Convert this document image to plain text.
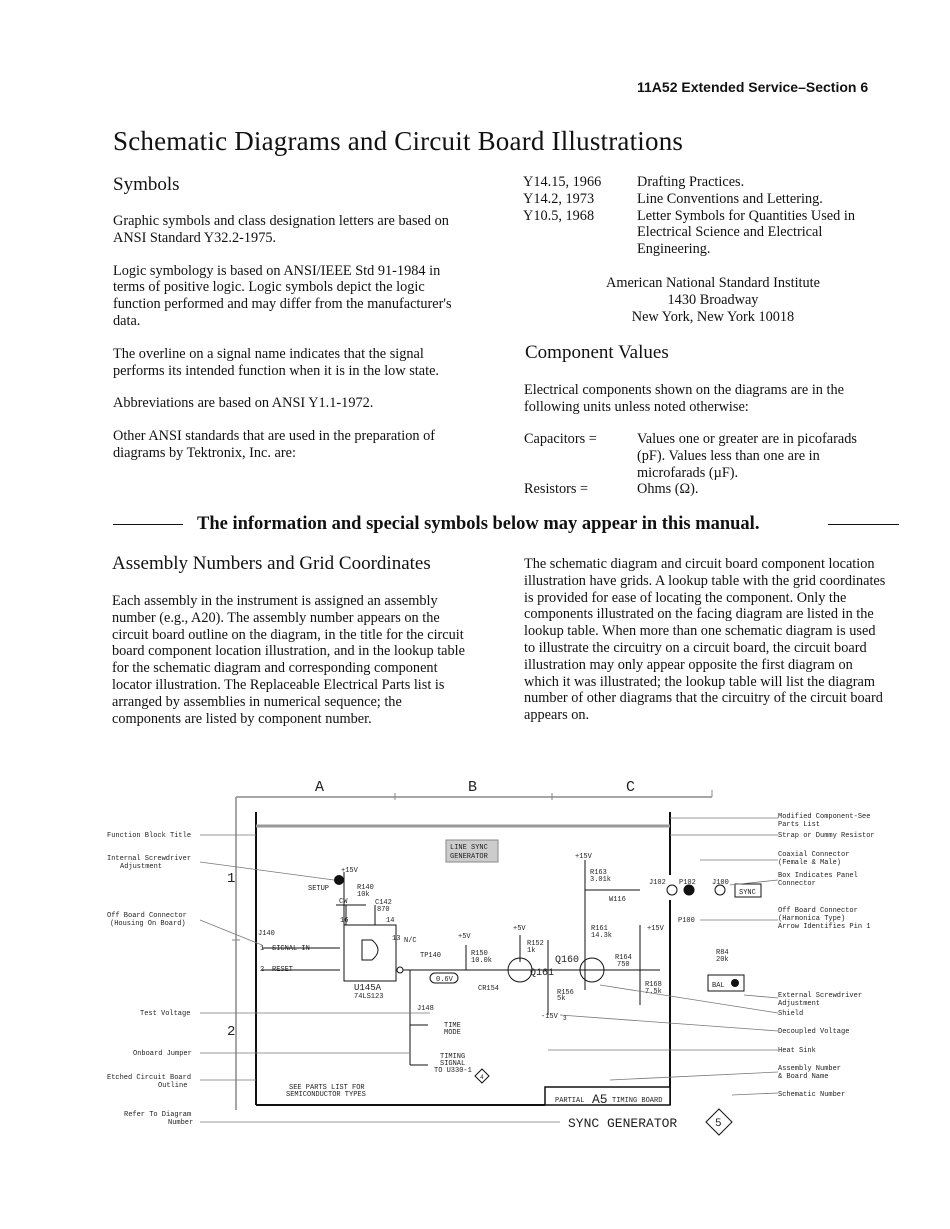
11A52 Extended Service–Section 6
Schematic Diagrams and Circuit Board Illustrations
Symbols

Graphic symbols and class designation letters are based on ANSI Standard Y32.2-1975.

Logic symbology is based on ANSI/IEEE Std 91-1984 in terms of positive logic. Logic symbols depict the logic function performed and may differ from the manufacturer's data.

The overline on a signal name indicates that the signal performs its intended function when it is in the low state.

Abbreviations are based on ANSI Y1.1-1972.

Other ANSI standards that are used in the preparation of diagrams by Tektronix, Inc. are:

Y14.15, 1966	Drafting Practices.
Y14.2, 1973	Line Conventions and Lettering.
Y10.5, 1968	Letter Symbols for Quantities Used in Electrical Science and Electrical Engineering.
American National Standard Institute
1430 Broadway
New York, New York 10018
Component Values
Electrical components shown on the diagrams are in the following units unless noted otherwise:
Capacitors =	Values one or greater are in picofarads (pF). Values less than one are in microfarads (µF).
Resistors =	Ohms (Ω).
The information and special symbols below may appear in this manual.
Assembly Numbers and Grid Coordinates
Each assembly in the instrument is assigned an assembly number (e.g., A20). The assembly number appears on the circuit board outline on the diagram, in the title for the circuit board component location illustration, and in the lookup table for the schematic diagram and corresponding component locator illustration. The Replaceable Electrical Parts list is arranged by assemblies in numerical sequence; the components are listed by component number.
The schematic diagram and circuit board component location illustration have grids. A lookup table with the grid coordinates is provided for ease of locating the component. Only the components illustrated on the facing diagram are listed in the lookup table. When more than one schematic diagram is used to illustrate the circuitry on a circuit board, the circuit board illustration may only appear opposite the first diagram on which it was illustrated; the lookup table will list the diagram number of other diagrams that the circuitry of the circuit board appears on.
A	B	C
1
2
LINE SYNC
GENERATOR
Function Block Title
Internal Screwdriver
Adjustment
Off Board Connector
(Housing On Board)
Test Voltage
Onboard Jumper
Etched Circuit Board
Outline
Refer To Diagram
Number
Modified Component-See
Parts List
Strap or Dummy Resistor
Coaxial Connector
(Female & Male)
Box Indicates Panel
Connector
Off Board Connector
(Harmonica Type)
Arrow Identifies Pin 1
External Screwdriver
Adjustment
Shield
Decoupled Voltage
Heat Sink
Assembly Number
& Board Name
Schematic Number
+15V
SETUP	R140
10k
CW	C142
870
J140
16	14
1
2
SIGNAL IN
RESET
13 N/C
U145A
74LS123
TP140
0.6V
+5V
+5V
R150
10.0k
R152
1k
CR154
Q161
Q160
R156
5k
-15V 3
J148
TIME
MODE
TIMING
SIGNAL
TO U330-1
4
+15V
R163
3.01k
W116
R161
14.3k
R164
750
R168
7.5k
J102 P102 J100
SYNC
P100
+15V
R84
20k
BAL
SEE PARTS LIST FOR
SEMICONDUCTOR TYPES
PARTIAL A5 TIMING BOARD
SYNC GENERATOR	5
